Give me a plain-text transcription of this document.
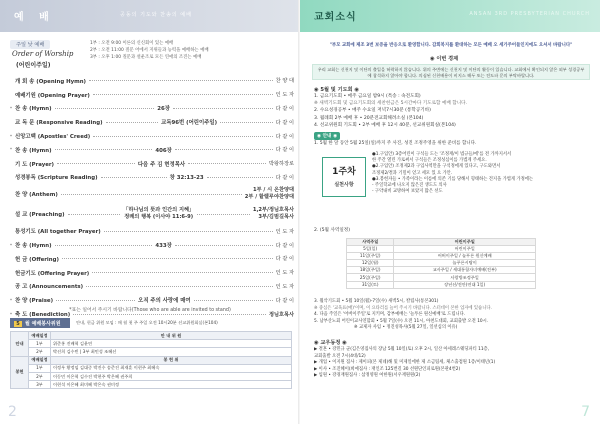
예 배	공동의 기도와 찬송의 예배
주일 낮 예배
Order of Worship
(어린이주일)
1부 : 오전 9:00 이른의 신신회이 있는 예배
2부 : 오전 11:00 질문 어에서 지위들과 능력을 예배하는 예배
3부 : 오후 1:00 질문과 설운조로 모든 연애의 조진는 예배
개 회 송 (Opening Hymn)	찬 양 대
예배기원 (Opening Prayer)	인 도 자
* 찬 송 (Hymn)	26장	다 같 이
교 독 문 (Responsive Reading)	교독96번 (어린이주일)	다 같 이
* 신앙고백 (Apostles' Creed)	다 같 이
* 찬 송 (Hymn)	406장	다 같 이
기 도 (Prayer)	다음 주 김 현정목사	박왕하장로
성경봉독 (Scripture Reading)	창 32:13-23	다 같 이
찬 양 (Anthem)
1부 / 시 온찬양대
2부 / 할렐루야찬양대
설 교 (Preaching)
「하나님의 뜻과 인간의 지혜」
정례의 행복 (이사야 11:6-9)
1,2부/정님호목사
3부/김범길목사
통성기도 (All together Prayer)	인 도 자
* 찬 송 (Hymn)	433장	다 같 이
헌 금 (Offering)	다 같 이
헌금기도 (Offering Prayer)	인 도 자
공 고 (Announcements)	인 도 자
* 찬 양 (Praise)	오직 주의 사랑에 매여	다 같 이
* 축 도 (Benediction)	정님호목사
*표는 일어서 주시기 바랍니다(Those who are able are invited to stand)
5 월 예배봉사위원	안내, 헌금 위원 모임 : 매 월 첫 주 주일 오전 10시20분 선교위원회실(본104)
안내	예배일정	안 내 위 원
	1부	위준홍 진배혁 김윤연
	2부	박선희 김수빈 | 3부 최민성 조혜선
봉헌	예배일정	봉 헌 위
	1부	이정우 황정임 김대중 박진수 송준진 최재훈 이현주 최혜숙
	2부	이동민 이은혁 김수진 박현주 박은혜 권주희
	3부	이현석 이은혜 최미혜 박은숙 권미정
2
교회소식	ANSAN 3RD PRESBYTERIAN CHURCH
"부모 교회에 제조 3번 보증을 반응으로 환영합니다. 감회복지를 환대하는 모든 예배 오 세가주어들인지에도 오셔서 바랍니다"
◉ 이번 경제
우리 교회는 신천지 및 이단의 출입을 허락하지 않습니다. 위의 주변에는 신천지 및 이단의 활동이 있습니다. 교회에서 확인되지 않은 외부 성경공부에 참석하지 않아야 합니다. 의심된 신천배용이 비지스 해두 또는 전도파 문의 부탁바랍니다.
◉ 5월 및 기도회 ◉
1. 금요기도회 • 매주 금요일 밤9시 (특송 : 속전도회)
※ 새벽기도회 및 금요기도회의 세찬헌금은 5시간마다 기도로합 예배 합니다.
2. 수요성경공부 • 매주 수요일 저녁7시30분 (통학공기바)
3. 월례회 2부 예배 후 • 20분전교회해려소실 (본104)
4. 선교위원회 기도회 • 2부 예배 후 12시 40분, 선교위원회실(본104)
◉ 안내 ◉
1. 5월 한 달 동안 5월 25일(일)까지 주 사진, 성진 조정주영을 위한 준비를 합니다.
1주차
실천사항
●1.구입안) 3층어린이 구석들 도는 '조정재/이 법규들/에'를 전 가까지서서
한 주간 열린 가로써서 구석들은 조정성심이를 가볍게 주세요.
●2.구입안) 조정제2과 구입사역만을 구석정에게 있다고, 구도와면서
조정제2/결과 기밀이 얻고 세모 있 으 가안.
●3.봉헌자들 • 가족이라는 이름에 의존 기를 당해서 형태하는 견지을 가볍게 가정에는
- 주일학교에 나오지 않은진 생도도 의사
- 구약내비 교방하여 보았지 많은 선도
2. (5월 사역일정)
사역주일	어린이주일
5일(일)	어린이주일
11일(주일)	어버이주일 / 늘푸른 원신예배
12일(월)	늘푸른시탐이
18일(주일)	교사주일 / 세대통합자녀예배(전부)
25일(주일)	사랑방조정주일
31일(토)	장년선/전안(연대 1일)
3. 월삭기도회 • 5월 10일(월)-7일(수) 새벽5시, 칼립사(통본301)
※ 중심은 '교육표(매)'이며, 이 요타러를 늘어 주시기 바랍니다. 스터데이 본한 업자에 있습니다.
4. 다음 주일은 '어버이주일'로 지키며, 감부예배는 '늘푸른 원신예배'로 드립니다.
5. 남부산노회 어린이교사연합회 • 5월 7일(수) 오전 11시, 아천도대회, 교회출발 오전 10시.
※ 교제자 사임 • 정진성목사(5월 27일, 일선심의 이유)
◉ 교우동정 ◉
▶ 결혼 • 강민규 군(김은영집사의 장남 5월 10일(토) 오후 2시, 일산 아세레스웨딩파티 11층,
교회출발 오전 7시(4대/12)
▶ 개업 • 이지원 집사 : 제이피(본 제네)해 및 미제일에한 제 소금팀세, 체스출점원 1층/이태년(1)
▶ 이사 • 조진혜이(희예집사 : 재인조 125번길 30 선원단인피로원(본관4번2)
▶ 입원 • 강경재원집사 : 삼정영원 여한원(서우재원원(2)
7
